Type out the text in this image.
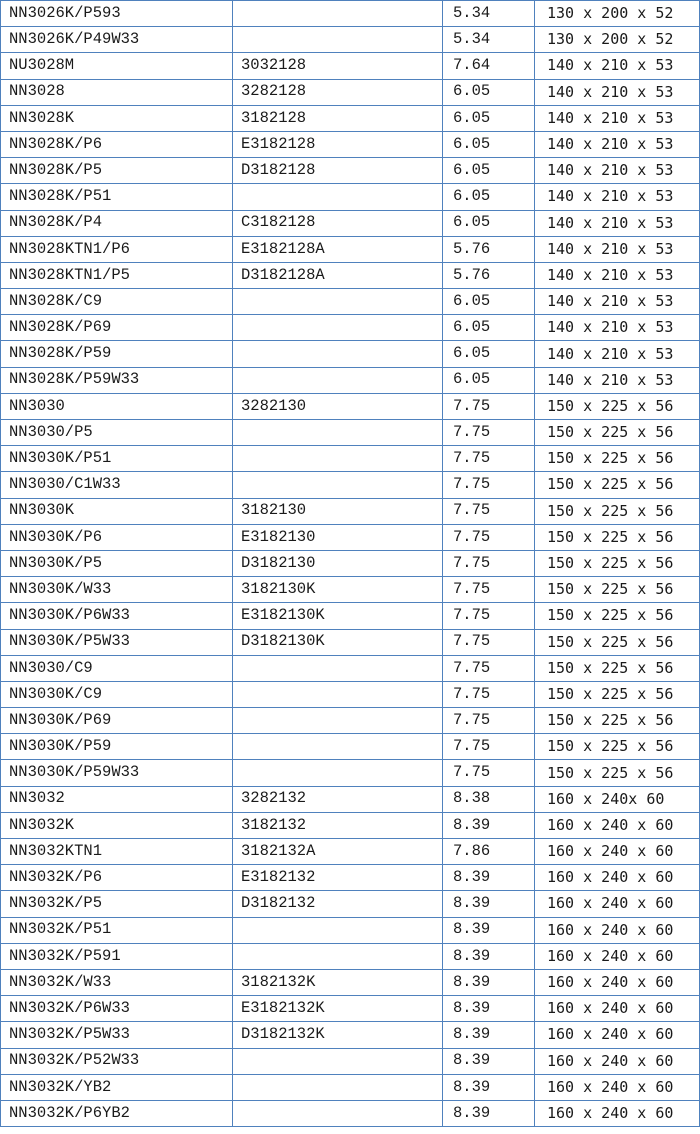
NN3026K/P593		5.34	130 x 200 x 52
NN3026K/P49W33		5.34	130 x 200 x 52
NU3028M	3032128	7.64	140 x 210 x 53
NN3028	3282128	6.05	140 x 210 x 53
NN3028K	3182128	6.05	140 x 210 x 53
NN3028K/P6	E3182128	6.05	140 x 210 x 53
NN3028K/P5	D3182128	6.05	140 x 210 x 53
NN3028K/P51		6.05	140 x 210 x 53
NN3028K/P4	C3182128	6.05	140 x 210 x 53
NN3028KTN1/P6	E3182128A	5.76	140 x 210 x 53
NN3028KTN1/P5	D3182128A	5.76	140 x 210 x 53
NN3028K/C9		6.05	140 x 210 x 53
NN3028K/P69		6.05	140 x 210 x 53
NN3028K/P59		6.05	140 x 210 x 53
NN3028K/P59W33		6.05	140 x 210 x 53
NN3030	3282130	7.75	150 x 225 x 56
NN3030/P5		7.75	150 x 225 x 56
NN3030K/P51		7.75	150 x 225 x 56
NN3030/C1W33		7.75	150 x 225 x 56
NN3030K	3182130	7.75	150 x 225 x 56
NN3030K/P6	E3182130	7.75	150 x 225 x 56
NN3030K/P5	D3182130	7.75	150 x 225 x 56
NN3030K/W33	3182130K	7.75	150 x 225 x 56
NN3030K/P6W33	E3182130K	7.75	150 x 225 x 56
NN3030K/P5W33	D3182130K	7.75	150 x 225 x 56
NN3030/C9		7.75	150 x 225 x 56
NN3030K/C9		7.75	150 x 225 x 56
NN3030K/P69		7.75	150 x 225 x 56
NN3030K/P59		7.75	150 x 225 x 56
NN3030K/P59W33		7.75	150 x 225 x 56
NN3032	3282132	8.38	160 x 240x 60
NN3032K	3182132	8.39	160 x 240 x 60
NN3032KTN1	3182132A	7.86	160 x 240 x 60
NN3032K/P6	E3182132	8.39	160 x 240 x 60
NN3032K/P5	D3182132	8.39	160 x 240 x 60
NN3032K/P51		8.39	160 x 240 x 60
NN3032K/P591		8.39	160 x 240 x 60
NN3032K/W33	3182132K	8.39	160 x 240 x 60
NN3032K/P6W33	E3182132K	8.39	160 x 240 x 60
NN3032K/P5W33	D3182132K	8.39	160 x 240 x 60
NN3032K/P52W33		8.39	160 x 240 x 60
NN3032K/YB2		8.39	160 x 240 x 60
NN3032K/P6YB2		8.39	160 x 240 x 60
